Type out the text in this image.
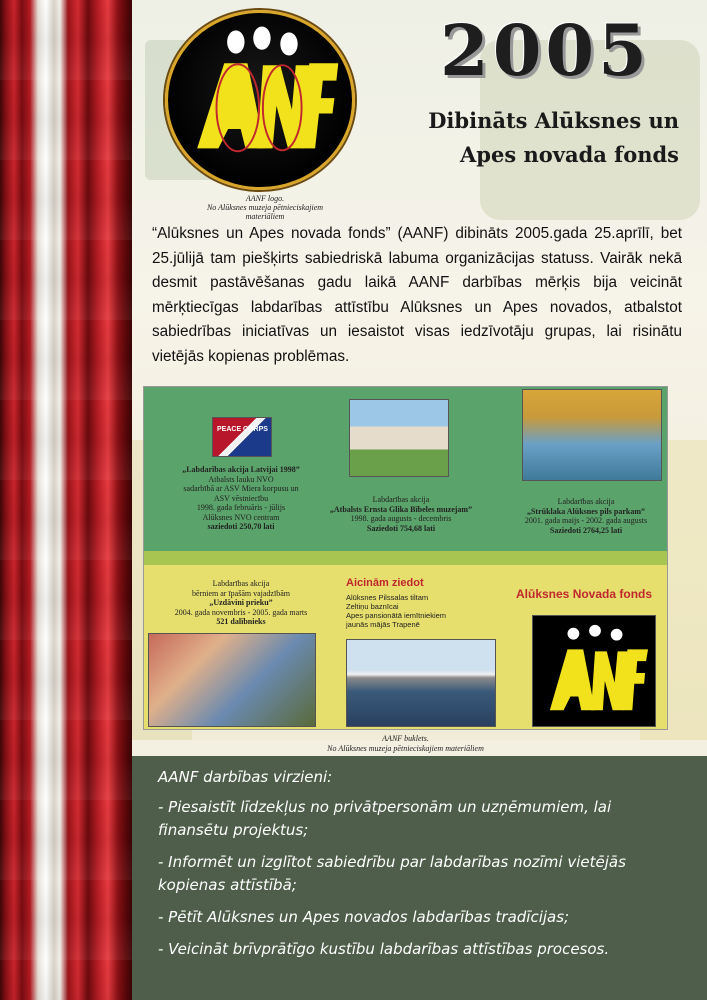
AANF logo.
No Alūksnes muzeja pētnieciskajiem materiāliem
2005
Dibināts Alūksnes un
Apes novada fonds
“Alūksnes un Apes novada fonds” (AANF) dibināts 2005.gada 25.aprīlī, bet 25.jūlijā tam piešķirts sabiedriskā labuma organizācijas statuss. Vairāk nekā desmit pastāvēšanas gadu laikā AANF darbības mērķis bija veicināt mērķtiecīgas labdarības attīstību Alūksnes un Apes novados, atbalstot sabiedrības iniciatīvas un iesaistot visas iedzīvotāju grupas, lai risinātu vietējās kopienas problēmas.
PEACE CORPS
„Labdarības akcija Latvijai 1998”
Atbalsts lauku NVO
sadarbībā ar ASV Miera korpusu un
ASV vēstniecību
1998. gada februāris - jūlijs
Alūksnes NVO centram
saziedoti 250,70 lati
Labdarības akcija
„Atbalsts Ernsta Glika Bībeles muzejam”
1998. gada augusts - decembris
Saziedoti 754,68 lati
Labdarības akcija
„Strūklaka Alūksnes pils parkam”
2001. gada maijs - 2002. gada augusts
Saziedoti 2764,25 lati
Labdarības akcija
bērniem ar īpašām vajadzībām
„Uzdāvini prieku”
2004. gada novembris - 2005. gada marts
521 dalībnieks
Aicinām ziedot
Alūksnes Pilssalas tiltam
Zeltiņu baznīcai
Apes pansionātā iemītniekiem jaunās mājās Trapenē
Alūksnes Novada fonds
AANF buklets.
No Alūksnes muzeja pētnieciskajiem materiāliem
AANF darbības virzieni:
- Piesaistīt līdzekļus no privātpersonām un uzņēmumiem, lai finansētu projektus;
- Informēt un izglītot sabiedrību par labdarības nozīmi vietējās kopienas attīstībā;
- Pētīt Alūksnes un Apes novados labdarības tradīcijas;
- Veicināt brīvprātīgo kustību labdarības attīstības procesos.
